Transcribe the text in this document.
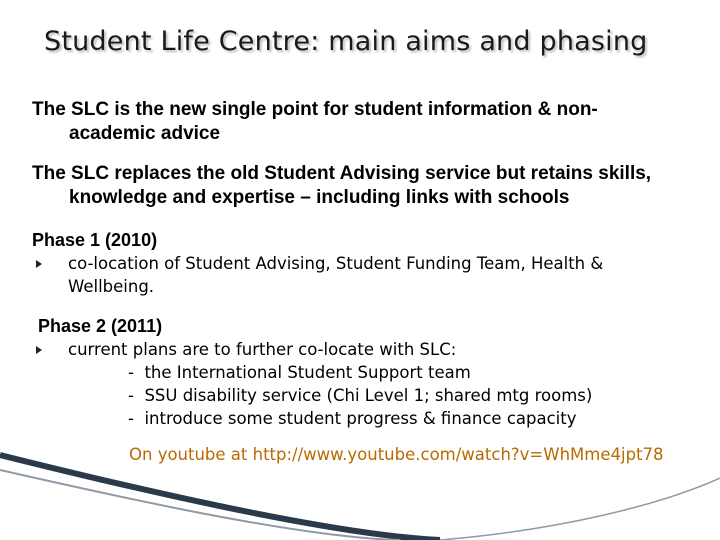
Student Life Centre: main aims and phasing
The SLC is the new single point for student information & non-
academic advice
The SLC replaces the old Student Advising service but retains skills,
knowledge and expertise – including links with schools
Phase 1 (2010)
co-location of Student Advising, Student Funding Team, Health &
Wellbeing.
Phase 2 (2011)
current plans are to further co-locate with SLC:
-  the International Student Support team
-  SSU disability service (Chi Level 1; shared mtg rooms)
-  introduce some student progress & finance capacity
On youtube at http://www.youtube.com/watch?v=WhMme4jpt78
